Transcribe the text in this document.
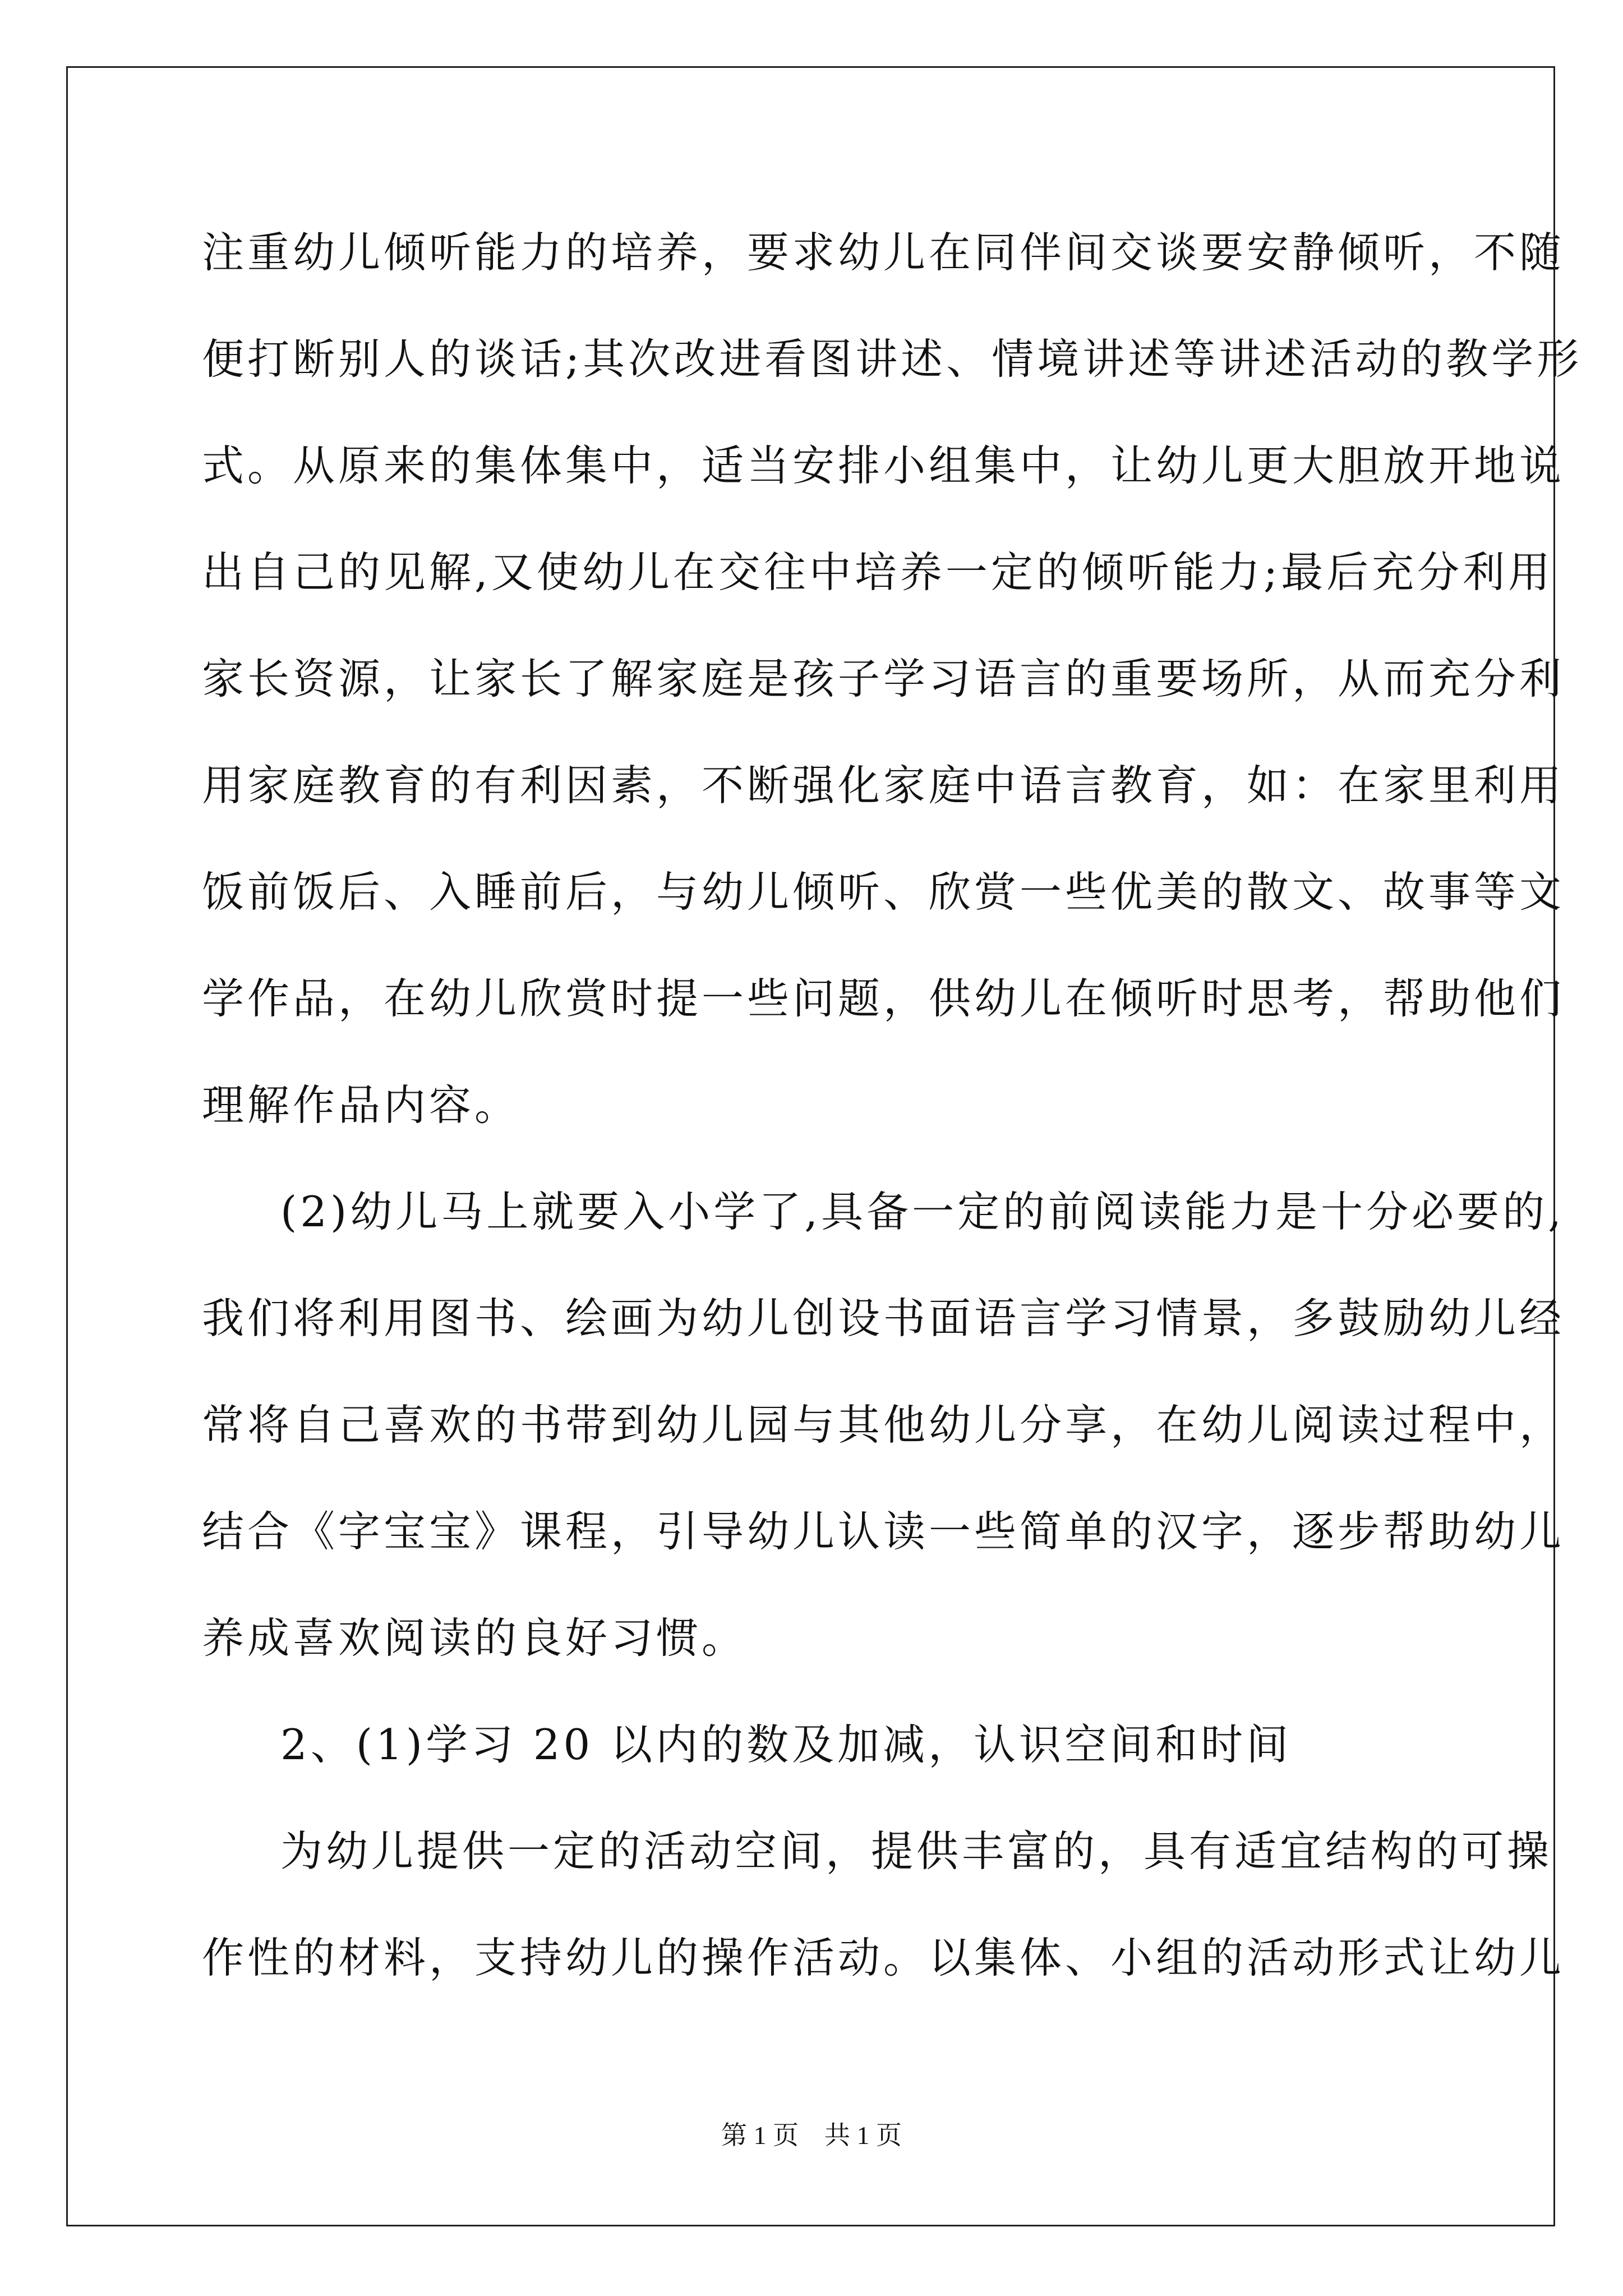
注重幼儿倾听能力的培养，要求幼儿在同伴间交谈要安静倾听，不随
便打断别人的谈话;其次改进看图讲述、情境讲述等讲述活动的教学形
式。从原来的集体集中，适当安排小组集中，让幼儿更大胆放开地说
出自己的见解,又使幼儿在交往中培养一定的倾听能力;最后充分利用
家长资源，让家长了解家庭是孩子学习语言的重要场所，从而充分利
用家庭教育的有利因素，不断强化家庭中语言教育，如：在家里利用
饭前饭后、入睡前后，与幼儿倾听、欣赏一些优美的散文、故事等文
学作品，在幼儿欣赏时提一些问题，供幼儿在倾听时思考，帮助他们
理解作品内容。
(2)幼儿马上就要入小学了,具备一定的前阅读能力是十分必要的,
我们将利用图书、绘画为幼儿创设书面语言学习情景，多鼓励幼儿经
常将自己喜欢的书带到幼儿园与其他幼儿分享，在幼儿阅读过程中，
结合《字宝宝》课程，引导幼儿认读一些简单的汉字，逐步帮助幼儿
养成喜欢阅读的良好习惯。
2、(1)学习 20 以内的数及加减，认识空间和时间
为幼儿提供一定的活动空间，提供丰富的，具有适宜结构的可操
作性的材料，支持幼儿的操作活动。以集体、小组的活动形式让幼儿
第 1 页　共 1 页
